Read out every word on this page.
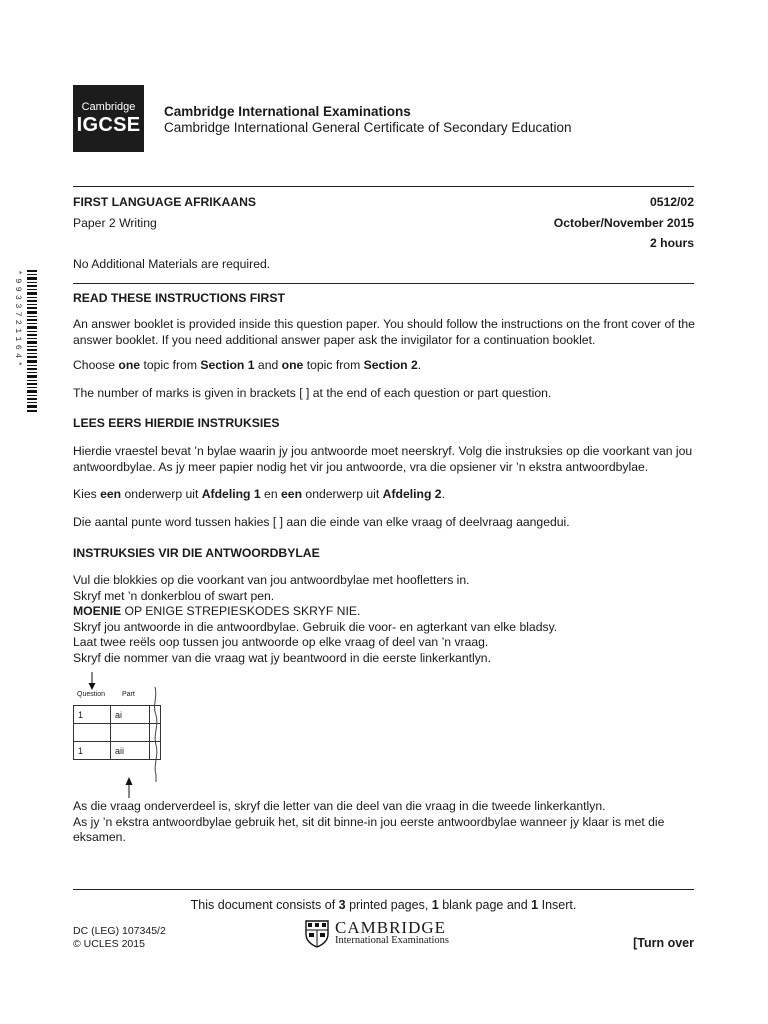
Cambridge
IGCSE
Cambridge International Examinations
Cambridge International General Certificate of Secondary Education
FIRST LANGUAGE AFRIKAANS	0512/02
Paper 2 Writing	October/November 2015
2 hours
No Additional Materials are required.
*9933721164*	READ THESE INSTRUCTIONS FIRST
An answer booklet is provided inside this question paper. You should follow the instructions on the front cover of the answer booklet. If you need additional answer paper ask the invigilator for a continuation booklet.
Choose one topic from Section 1 and one topic from Section 2.
The number of marks is given in brackets [ ] at the end of each question or part question.
LEES EERS HIERDIE INSTRUKSIES
Hierdie vraestel bevat ’n bylae waarin jy jou antwoorde moet neerskryf. Volg die instruksies op die voorkant van jou antwoordbylae. As jy meer papier nodig het vir jou antwoorde, vra die opsiener vir ’n ekstra antwoordbylae.
Kies een onderwerp uit Afdeling 1 en een onderwerp uit Afdeling 2.
Die aantal punte word tussen hakies [ ] aan die einde van elke vraag of deelvraag aangedui.
INSTRUKSIES VIR DIE ANTWOORDBYLAE
Vul die blokkies op die voorkant van jou antwoordbylae met hoofletters in.
Skryf met ’n donkerblou of swart pen.
MOENIE OP ENIGE STREPIESKODES SKRYF NIE.
Skryf jou antwoorde in die antwoordbylae. Gebruik die voor- en agterkant van elke bladsy.
Laat twee reëls oop tussen jou antwoorde op elke vraag of deel van ’n vraag.
Skryf die nommer van die vraag wat jy beantwoord in die eerste linkerkantlyn.
Question Part
1	ai	

1	aii	
As die vraag onderverdeel is, skryf die letter van die deel van die vraag in die tweede linkerkantlyn.
As jy ’n ekstra antwoordbylae gebruik het, sit dit binne-in jou eerste antwoordbylae wanneer jy klaar is met die eksamen.
This document consists of 3 printed pages, 1 blank page and 1 Insert.
DC (LEG) 107345/2
© UCLES 2015
CAMBRIDGE
International Examinations	[Turn over
